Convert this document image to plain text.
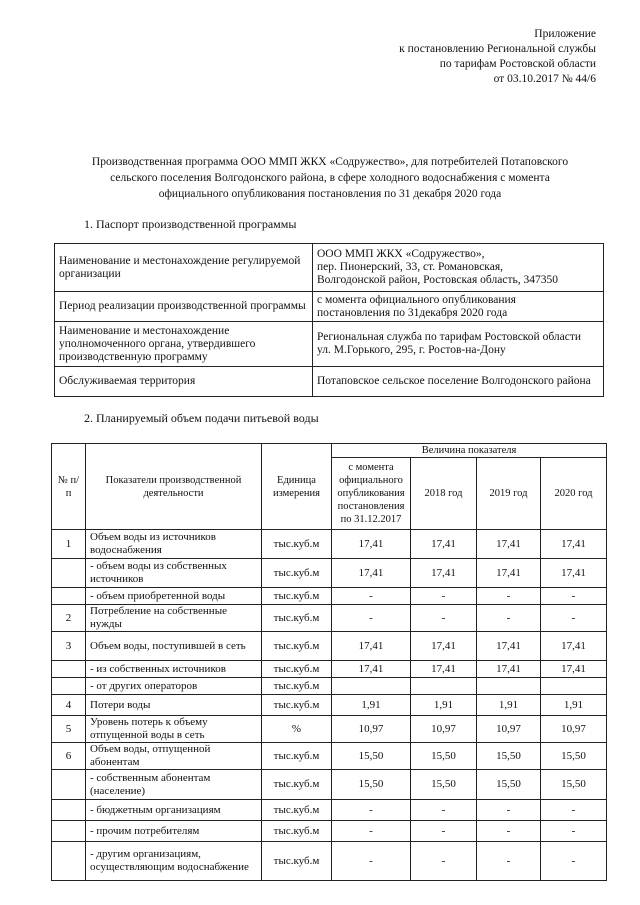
Приложение
к постановлению Региональной службы
по тарифам Ростовской области
от 03.10.2017 № 44/6
Производственная программа ООО ММП ЖКХ «Содружество», для потребителей Потаповского
сельского поселения Волгодонского района, в сфере холодного водоснабжения с момента
официального опубликования постановления по 31 декабря 2020 года
1. Паспорт производственной программы
Наименование и местонахождение регулируемой организации	ООО ММП ЖКХ «Содружество»,
пер. Пионерский, 33, ст. Романовская,
Волгодонской район, Ростовская область, 347350

Период реализации производственной программы	с момента официального опубликования
постановления по 31декабря 2020 года

Наименование и местонахождение уполномоченного органа, утвердившего производственную программу	Региональная служба по тарифам Ростовской области
ул. М.Горького, 295, г. Ростов-на-Дону

Обслуживаемая территория	Потаповское сельское поселение Волгодонского района
2. Планируемый объем подачи питьевой воды
№ п/п	Показатели производственной деятельности	Единица измерения	Величина показателя			
			с момента официального опубликования постановления по 31.12.2017	2018 год	2019 год	2020 год
1	Объем воды из источников водоснабжения	тыс.куб.м	17,41	17,41	17,41	17,41
	- объем воды из собственных источников	тыс.куб.м	17,41	17,41	17,41	17,41
	- объем приобретенной воды	тыс.куб.м	-	-	-	-
2	Потребление на собственные нужды	тыс.куб.м	-	-	-	-
3	Объем воды, поступившей в сеть	тыс.куб.м	17,41	17,41	17,41	17,41
	- из собственных источников	тыс.куб.м	17,41	17,41	17,41	17,41
	- от других операторов	тыс.куб.м				
4	Потери воды	тыс.куб.м	1,91	1,91	1,91	1,91
5	Уровень потерь к объему отпущенной воды в сеть	%	10,97	10,97	10,97	10,97
6	Объем воды, отпущенной абонентам	тыс.куб.м	15,50	15,50	15,50	15,50
	- собственным абонентам (население)	тыс.куб.м	15,50	15,50	15,50	15,50
	- бюджетным организациям	тыс.куб.м	-	-	-	-
	- прочим потребителям	тыс.куб.м	-	-	-	-
	- другим организациям, осуществляющим водоснабжение	тыс.куб.м	-	-	-	-
